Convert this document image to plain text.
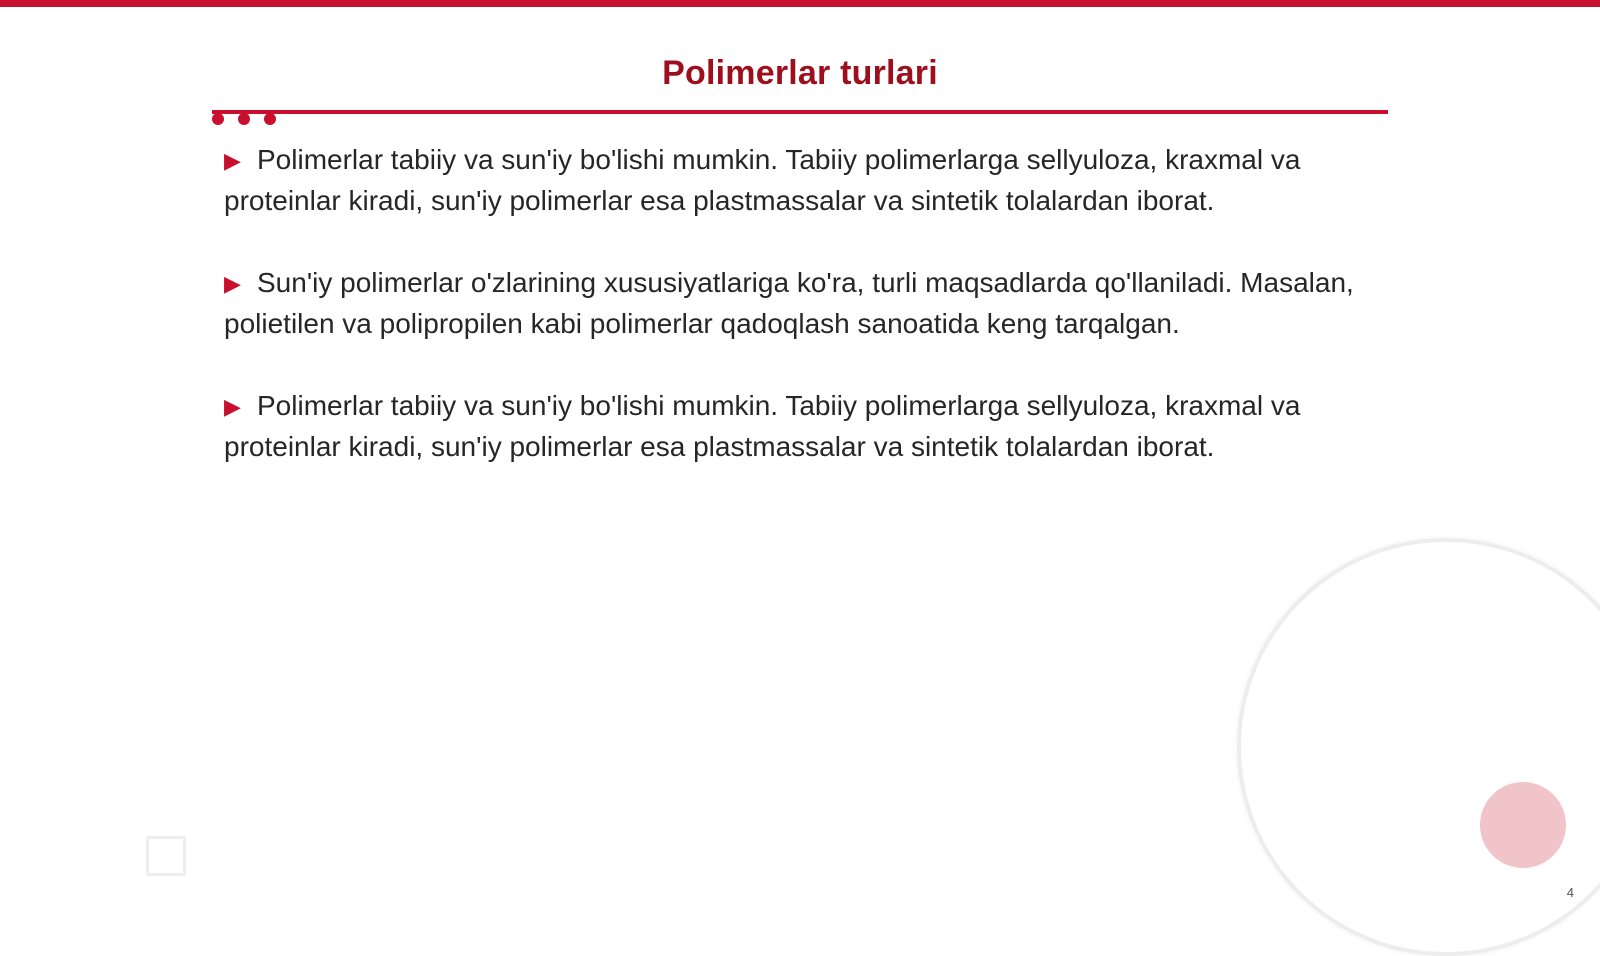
Polimerlar turlari

▶ Polimerlar tabiiy va sun'iy bo'lishi mumkin. Tabiiy polimerlarga sellyuloza, kraxmal va proteinlar kiradi, sun'iy polimerlar esa plastmassalar va sintetik tolalardan iborat.

▶ Sun'iy polimerlar o'zlarining xususiyatlariga ko'ra, turli maqsadlarda qo'llaniladi. Masalan, polietilen va polipropilen kabi polimerlar qadoqlash sanoatida keng tarqalgan.

▶ Polimerlar tabiiy va sun'iy bo'lishi mumkin. Tabiiy polimerlarga sellyuloza, kraxmal va proteinlar kiradi, sun'iy polimerlar esa plastmassalar va sintetik tolalardan iborat.

4
